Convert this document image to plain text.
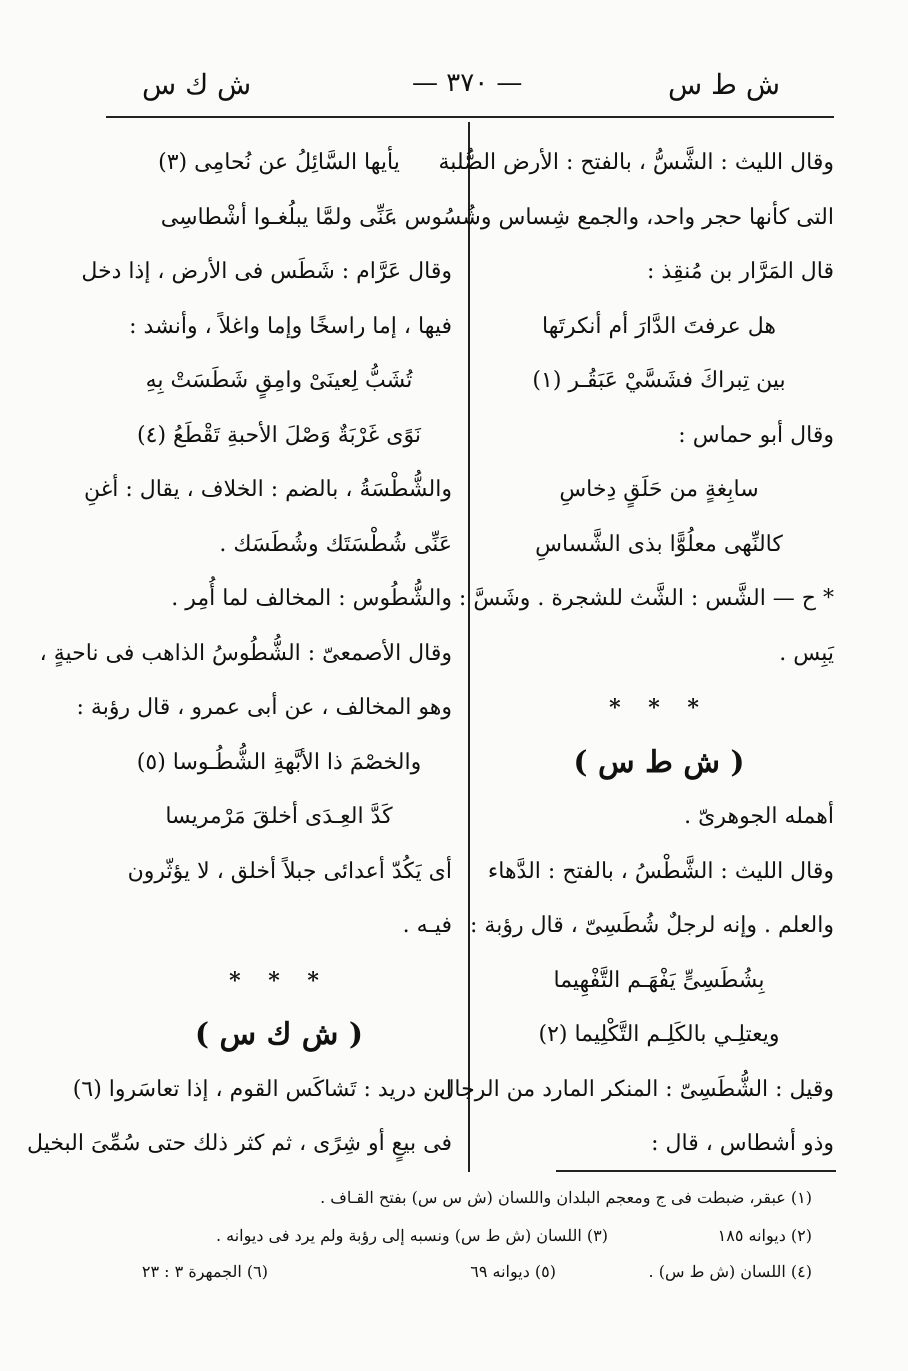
ش ط س
— ٣٧٠ —
ش ك س
وقال الليث : الشَّسُّ ، بالفتح : الأرض الصُّلبة
التى كأنها حجر واحد، والجمع شِساس وشُسُوس .
قال المَرَّار بن مُنقِذ :
هل عرفتَ الدَّارَ أم أنكرتَها
بين تِبراكَ فشَسَّيْ عَبَقُـر (١)
وقال أبو حماس :
سابِغةٍ من حَلَقٍ دِخاسِ
كالنِّهى معلُوًّا بذى الشَّساسِ
* ح — الشَّس : الشَّث للشجرة . وشَسَّ :
يَبِس .
* * *
( ش ط س )
أهمله الجوهرىّ .
وقال الليث : الشَّطْسُ ، بالفتح : الدَّهاء
والعلم . وإنه لرجلٌ شُطَسِىّ ، قال رؤبة :
بِشُطَسِىٍّ يَفْهَـم التَّفْهِيما
ويعتلِـي بالكَلِـم التَّكْلِيما (٢)
وقيل : الشُّطَسِىّ : المنكر المارد من الرجال .
وذو أشطاس ، قال :
يأيها السَّائِلُ عن نُحامِى (٣)
عَنِّى ولمَّا يبلُغـوا أشْطاسِى
وقال عَرَّام : شَطَس فى الأرض ، إذا دخل
فيها ، إما راسخًا وإما واغلاً ، وأنشد :
تُشَبُّ لِعينَىْ وامِقٍ شَطَسَتْ بِهِ
نَوًى غَرْبَةٌ وَصْلَ الأحبةِ تَقْطَعُ (٤)
والشُّطْسَةُ ، بالضم : الخلاف ، يقال : أغنِ
عَنِّى شُطْسَتَك وشُطَسَك .
والشُّطُوس : المخالف لما أُمِر .
وقال الأصمعىّ : الشُّطُوسُ الذاهب فى ناحيةٍ ،
وهو المخالف ، عن أبى عمرو ، قال رؤبة :
والخصْمَ ذا الأبَّهةِ الشُّطُـوسا (٥)
كَدَّ العِـدَى أخلقَ مَرْمريسا
أى يَكُدّ أعدائى جبلاً أخلق ، لا يؤثّرون
فيـه .
* * *
( ش ك س )
ابن دريد : تَشاكَس القوم ، إذا تعاسَروا (٦)
فى بيعٍ أو شِرًى ، ثم كثر ذلك حتى سُمِّىَ البخيل
(١) عبقر، ضبطت فى ج ومعجم البلدان واللسان (ش س س) بفتح القـاف .
(٢) ديوانه ١٨٥
(٣) اللسان (ش ط س) ونسبه إلى رؤبة ولم يرد فى ديوانه .
(٤) اللسان (ش ط س) .
(٥) ديوانه ٦٩
(٦) الجمهرة ٣ : ٢٣
